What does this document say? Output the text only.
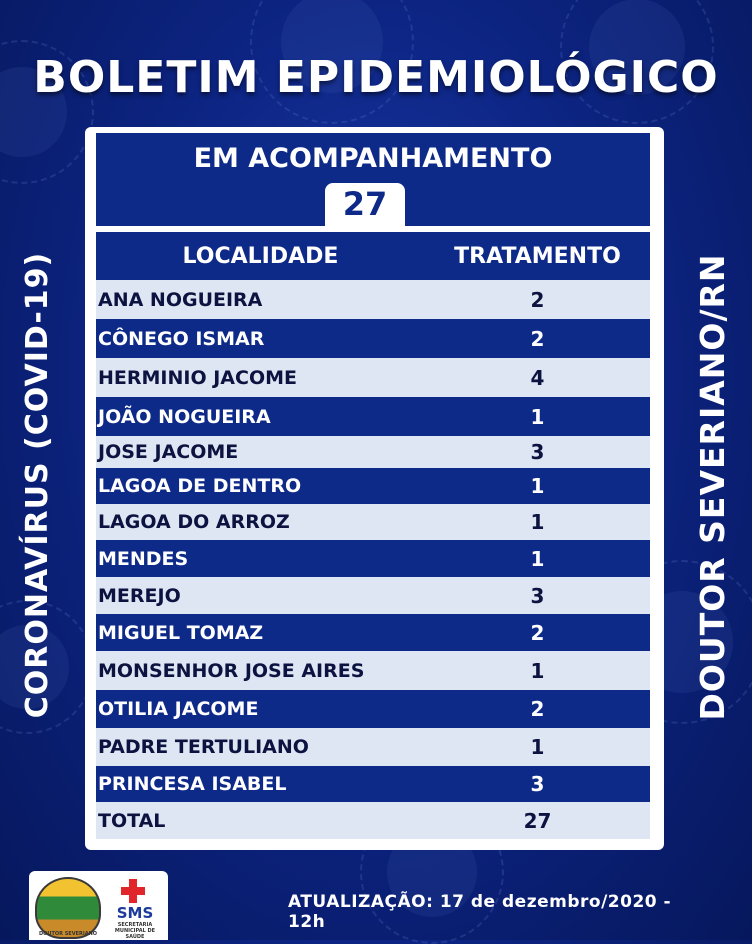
BOLETIM EPIDEMIOLÓGICO
CORONAVÍRUS (COVID-19)	DOUTOR SEVERIANO/RN
EM ACOMPANHAMENTO
27
LOCALIDADE	TRATAMENTO
ANA NOGUEIRA	2
CÔNEGO ISMAR	2
HERMINIO JACOME	4
JOÃO NOGUEIRA	1
JOSE JACOME	3
LAGOA DE DENTRO	1
LAGOA DO ARROZ	1
MENDES	1
MEREJO	3
MIGUEL TOMAZ	2
MONSENHOR JOSE AIRES	1
OTILIA JACOME	2
PADRE TERTULIANO	1
PRINCESA ISABEL	3
TOTAL	27
DOUTOR SEVERIANO
SMS
SECRETARIA MUNICIPAL DE SAÚDE
ATUALIZAÇÃO: 17 de dezembro/2020 - 12h
